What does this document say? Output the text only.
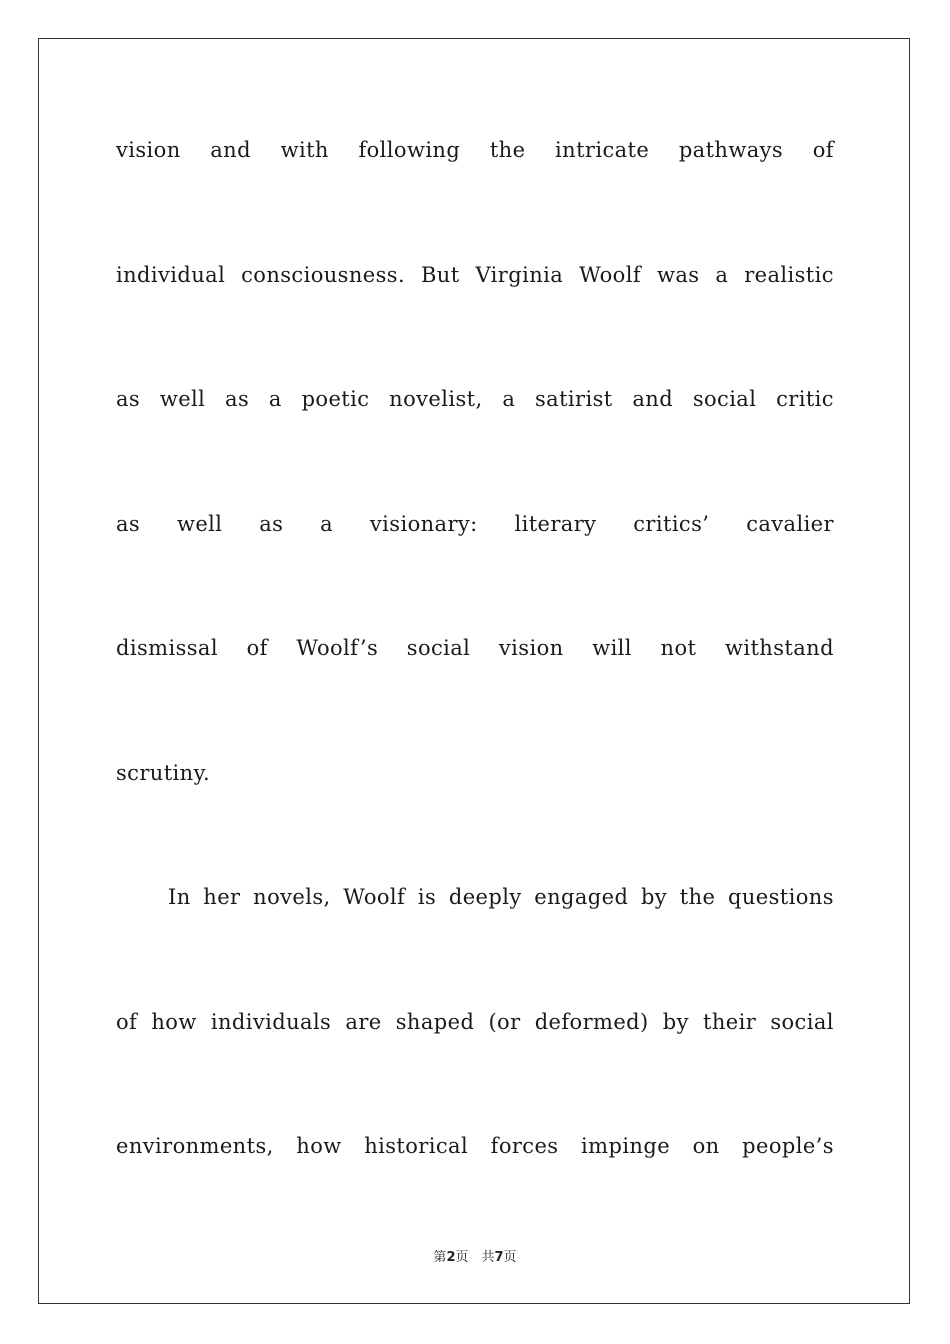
vision and with following the intricate pathways of
individual consciousness. But Virginia Woolf was a realistic
as well as a poetic novelist, a satirist and social critic
as well as a visionary: literary critics’ cavalier
dismissal of Woolf’s social vision will not withstand
scrutiny.
In her novels, Woolf is deeply engaged by the questions
of how individuals are shaped (or deformed) by their social
environments, how historical forces impinge on people’s
第2页　共7页
